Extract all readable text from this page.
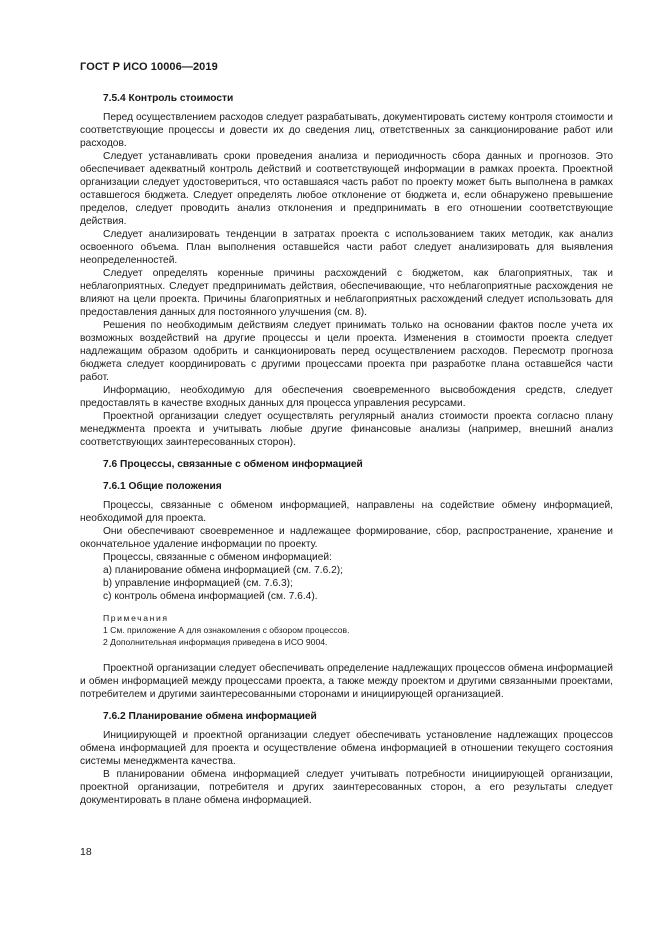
ГОСТ Р ИСО 10006—2019
7.5.4 Контроль стоимости

Перед осуществлением расходов следует разрабатывать, документировать систему контроля стоимости и соответствующие процессы и довести их до сведения лиц, ответственных за санкционирование работ или расходов.

Следует устанавливать сроки проведения анализа и периодичность сбора данных и прогнозов. Это обеспечивает адекватный контроль действий и соответствующей информации в рамках проекта. Проектной организации следует удостовериться, что оставшаяся часть работ по проекту может быть выполнена в рамках оставшегося бюджета. Следует определять любое отклонение от бюджета и, если обнаружено превышение пределов, следует проводить анализ отклонения и предпринимать в его отношении соответствующие действия.

Следует анализировать тенденции в затратах проекта с использованием таких методик, как анализ освоенного объема. План выполнения оставшейся части работ следует анализировать для выявления неопределенностей.

Следует определять коренные причины расхождений с бюджетом, как благоприятных, так и неблагоприятных. Следует предпринимать действия, обеспечивающие, что неблагоприятные расхождения не влияют на цели проекта. Причины благоприятных и неблагоприятных расхождений следует использовать для предоставления данных для постоянного улучшения (см. 8).

Решения по необходимым действиям следует принимать только на основании фактов после учета их возможных воздействий на другие процессы и цели проекта. Изменения в стоимости проекта следует надлежащим образом одобрить и санкционировать перед осуществлением расходов. Пересмотр прогноза бюджета следует координировать с другими процессами проекта при разработке плана оставшейся части работ.

Информацию, необходимую для обеспечения своевременного высвобождения средств, следует предоставлять в качестве входных данных для процесса управления ресурсами.

Проектной организации следует осуществлять регулярный анализ стоимости проекта согласно плану менеджмента проекта и учитывать любые другие финансовые анализы (например, внешний анализ соответствующих заинтересованных сторон).

7.6 Процессы, связанные с обменом информацией
7.6.1 Общие положения

Процессы, связанные с обменом информацией, направлены на содействие обмену информацией, необходимой для проекта.

Они обеспечивают своевременное и надлежащее формирование, сбор, распространение, хранение и окончательное удаление информации по проекту.

Процессы, связанные с обменом информацией:

a) планирование обмена информацией (см. 7.6.2);

b) управление информацией (см. 7.6.3);

c) контроль обмена информацией (см. 7.6.4).

Примечания
1 См. приложение А для ознакомления с обзором процессов.
2 Дополнительная информация приведена в ИСО 9004.

Проектной организации следует обеспечивать определение надлежащих процессов обмена информацией и обмен информацией между процессами проекта, а также между проектом и другими связанными проектами, потребителем и другими заинтересованными сторонами и инициирующей организацией.

7.6.2 Планирование обмена информацией

Инициирующей и проектной организации следует обеспечивать установление надлежащих процессов обмена информацией для проекта и осуществление обмена информацией в отношении текущего состояния системы менеджмента качества.

В планировании обмена информацией следует учитывать потребности инициирующей организации, проектной организации, потребителя и других заинтересованных сторон, а его результаты следует документировать в плане обмена информацией.

18
